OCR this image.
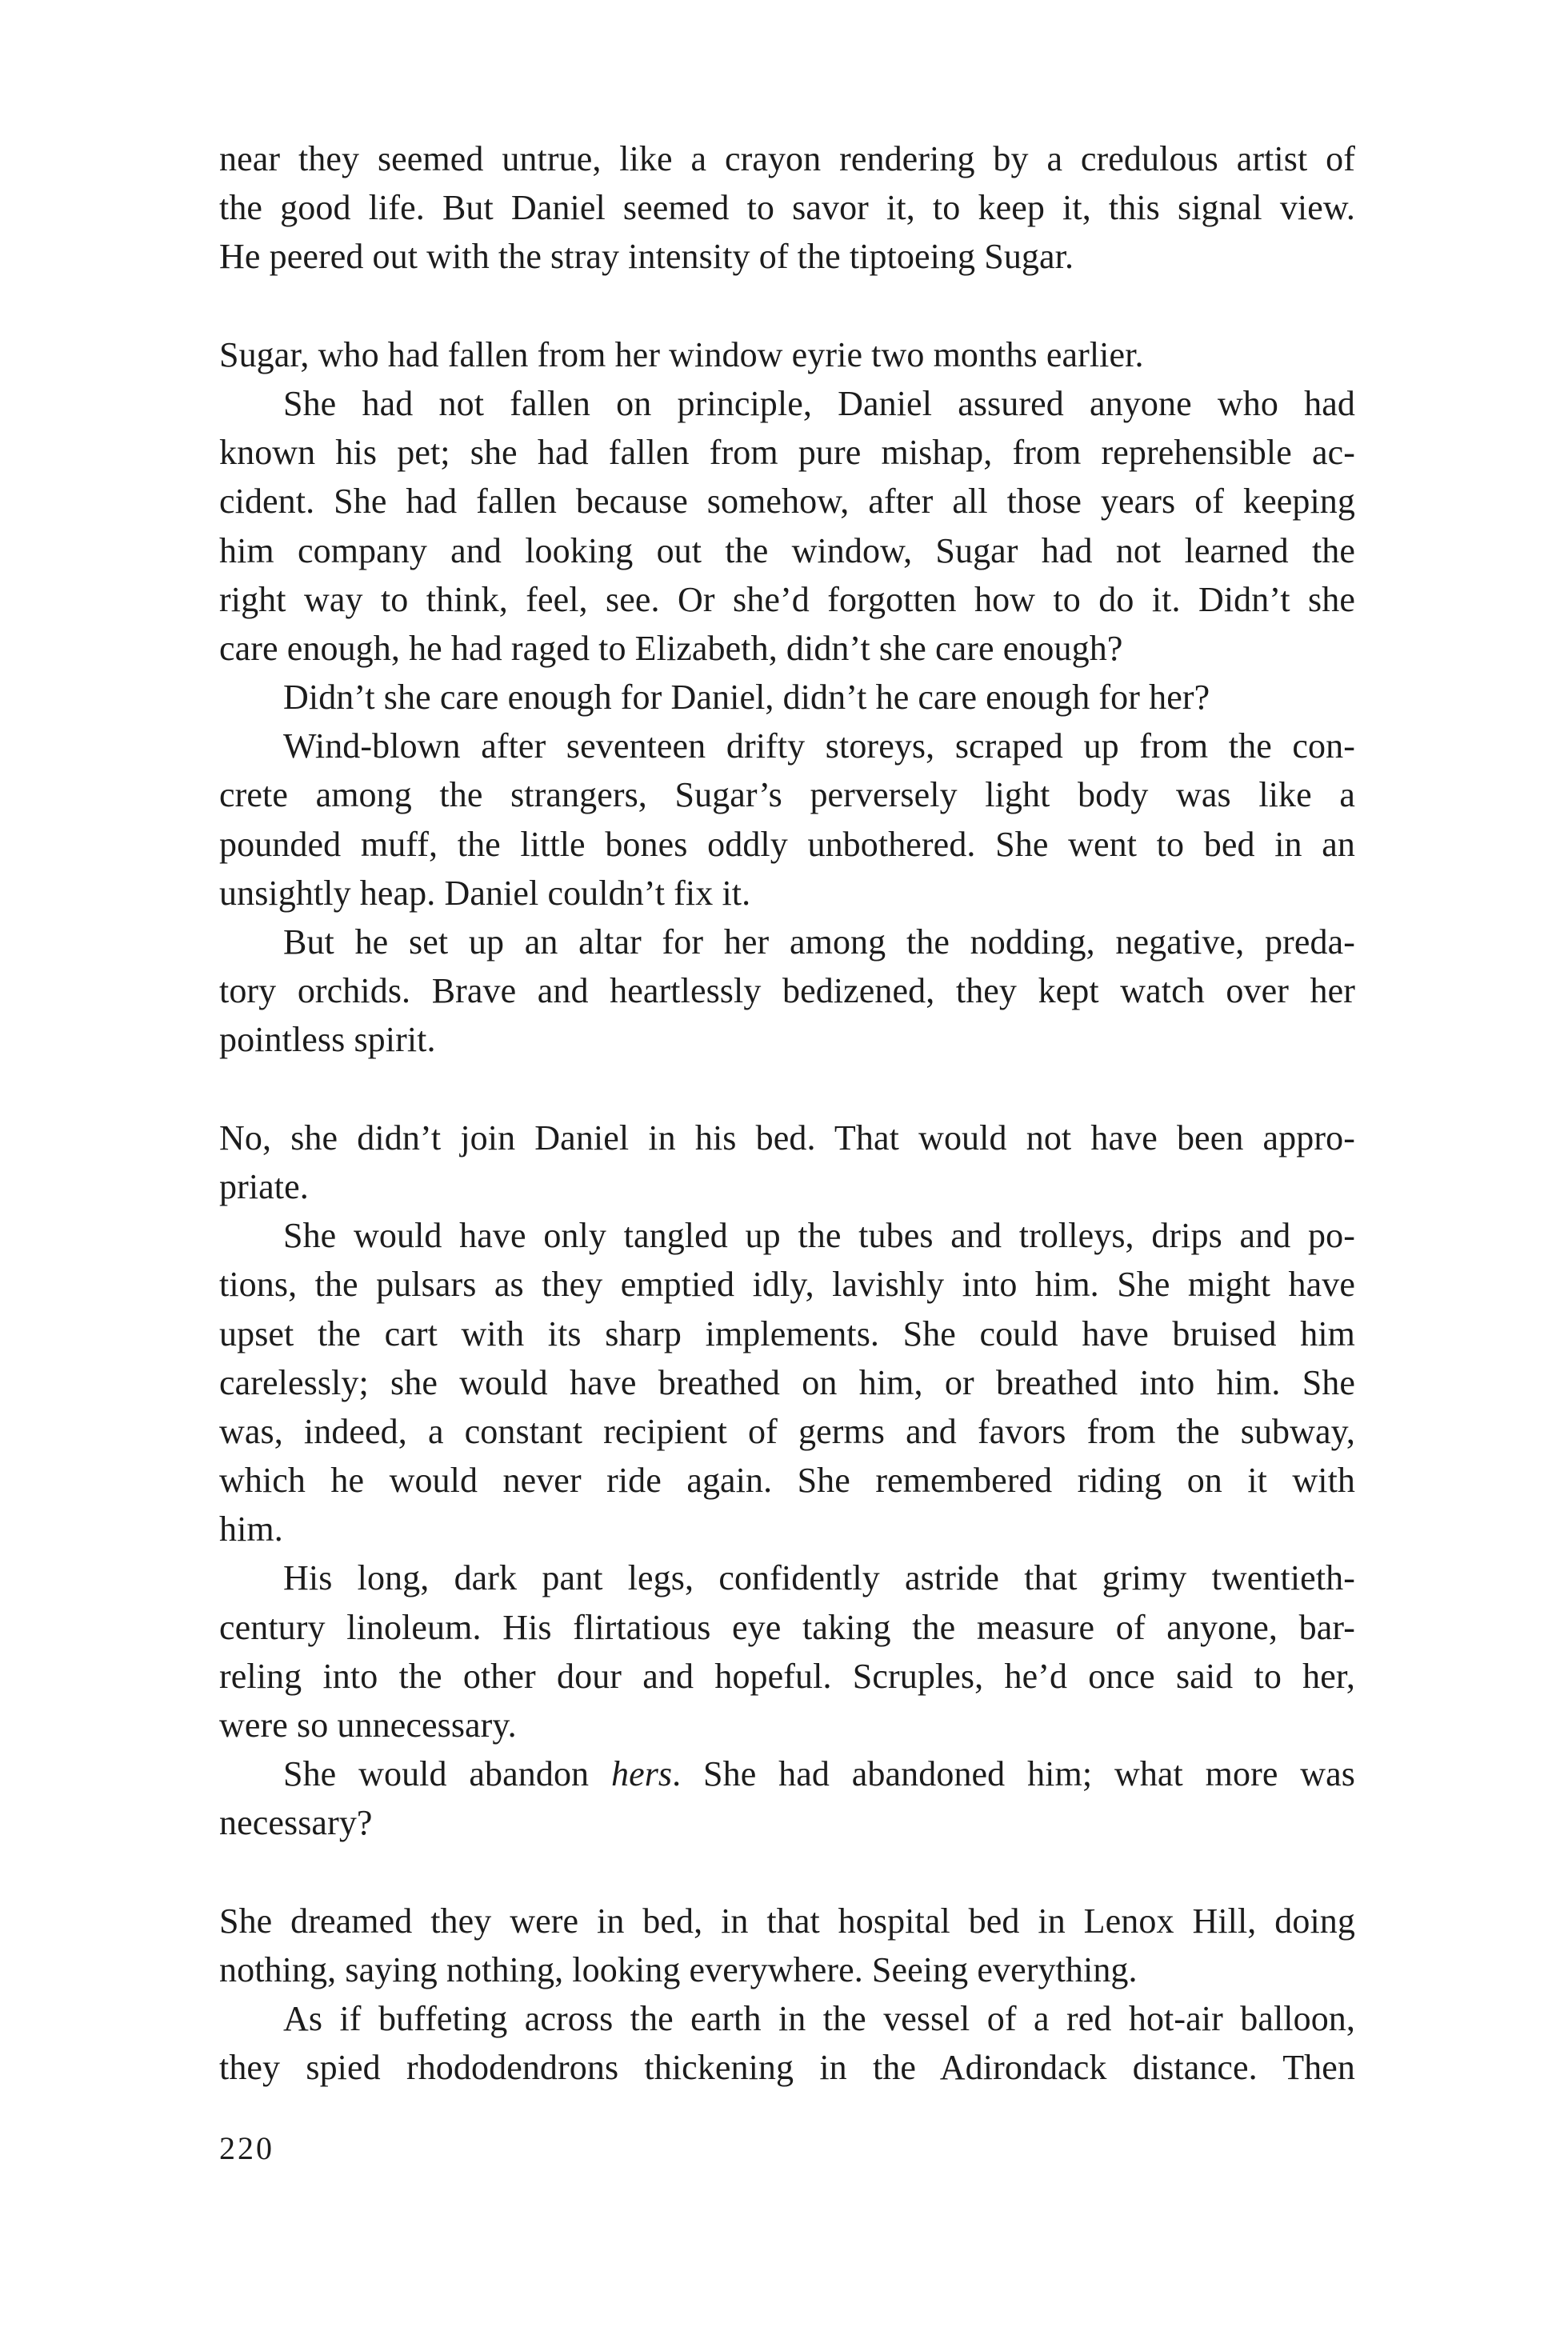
near they seemed untrue, like a crayon rendering by a credulous artist of
the good life. But Daniel seemed to savor it, to keep it, this signal view.
He peered out with the stray intensity of the tiptoeing Sugar.
Sugar, who had fallen from her window eyrie two months earlier.
She had not fallen on principle, Daniel assured anyone who had
known his pet; she had fallen from pure mishap, from reprehensible ac-
cident. She had fallen because somehow, after all those years of keeping
him company and looking out the window, Sugar had not learned the
right way to think, feel, see. Or she’d forgotten how to do it. Didn’t she
care enough, he had raged to Elizabeth, didn’t she care enough?
Didn’t she care enough for Daniel, didn’t he care enough for her?
Wind-blown after seventeen drifty storeys, scraped up from the con-
crete among the strangers, Sugar’s perversely light body was like a
pounded muff, the little bones oddly unbothered. She went to bed in an
unsightly heap. Daniel couldn’t fix it.
But he set up an altar for her among the nodding, negative, preda-
tory orchids. Brave and heartlessly bedizened, they kept watch over her
pointless spirit.
No, she didn’t join Daniel in his bed. That would not have been appro-
priate.
She would have only tangled up the tubes and trolleys, drips and po-
tions, the pulsars as they emptied idly, lavishly into him. She might have
upset the cart with its sharp implements. She could have bruised him
carelessly; she would have breathed on him, or breathed into him. She
was, indeed, a constant recipient of germs and favors from the subway,
which he would never ride again. She remembered riding on it with
him.
His long, dark pant legs, confidently astride that grimy twentieth-
century linoleum. His flirtatious eye taking the measure of anyone, bar-
reling into the other dour and hopeful. Scruples, he’d once said to her,
were so unnecessary.
She would abandon hers. She had abandoned him; what more was
necessary?
She dreamed they were in bed, in that hospital bed in Lenox Hill, doing
nothing, saying nothing, looking everywhere. Seeing everything.
As if buffeting across the earth in the vessel of a red hot-air balloon,
they spied rhododendrons thickening in the Adirondack distance. Then
220
